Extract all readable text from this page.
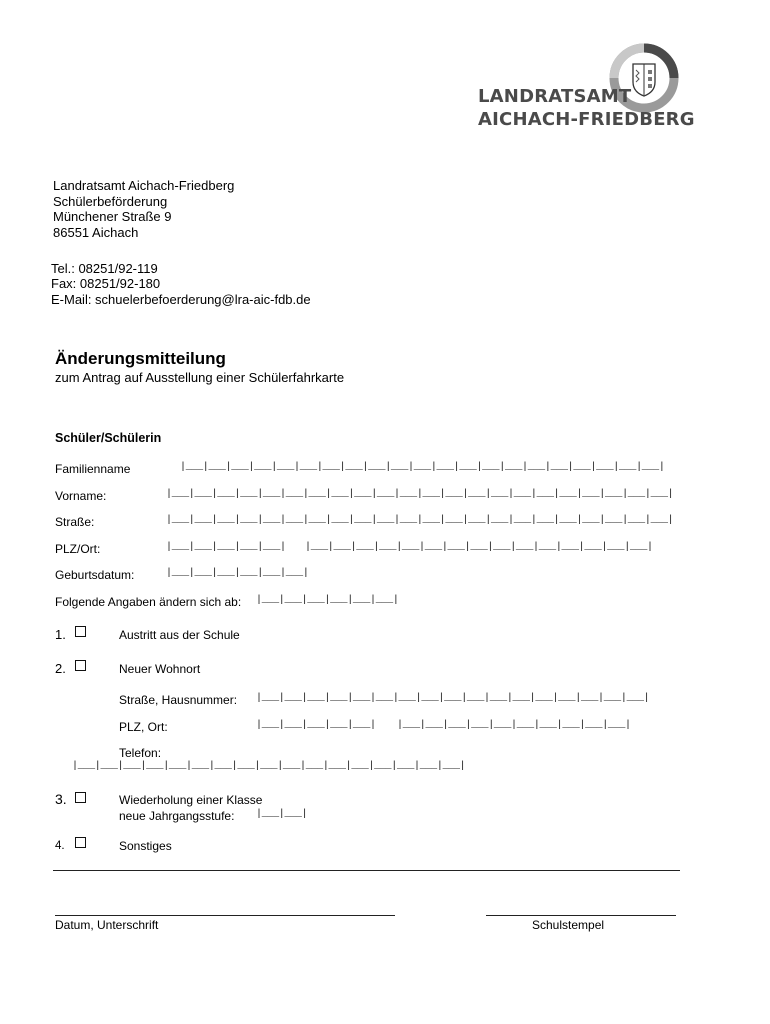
LANDRATSAMT
AICHACH-FRIEDBERG
Landratsamt Aichach-Friedberg
Schülerbeförderung
Münchener Straße 9
86551 Aichach
Tel.: 08251/92-119
Fax: 08251/92-180
E-Mail: schuelerbefoerderung@lra-aic-fdb.de
Änderungsmitteilung
zum Antrag auf Ausstellung einer Schülerfahrkarte
Schüler/Schülerin
Familienname	|___|___|___|___|___|___|___|___|___|___|___|___|___|___|___|___|___|___|___|___|___|
Vorname:	|___|___|___|___|___|___|___|___|___|___|___|___|___|___|___|___|___|___|___|___|___|___|
Straße:	|___|___|___|___|___|___|___|___|___|___|___|___|___|___|___|___|___|___|___|___|___|___|
PLZ/Ort:	|___|___|___|___|___| |___|___|___|___|___|___|___|___|___|___|___|___|___|___|___|
Geburtsdatum:	|___|___|___|___|___|___|
Folgende Angaben ändern sich ab: |___|___|___|___|___|___|
1.	Austritt aus der Schule
2.	Neuer Wohnort
Straße, Hausnummer: |___|___|___|___|___|___|___|___|___|___|___|___|___|___|___|___|___|
PLZ, Ort:	|___|___|___|___|___| |___|___|___|___|___|___|___|___|___|___|
Telefon:
|___|___|___|___|___|___|___|___|___|___|___|___|___|___|___|___|___|
3.	Wiederholung einer Klasse
neue Jahrgangsstufe: |___|___|
4.	Sonstiges
Datum, Unterschrift	Schulstempel
